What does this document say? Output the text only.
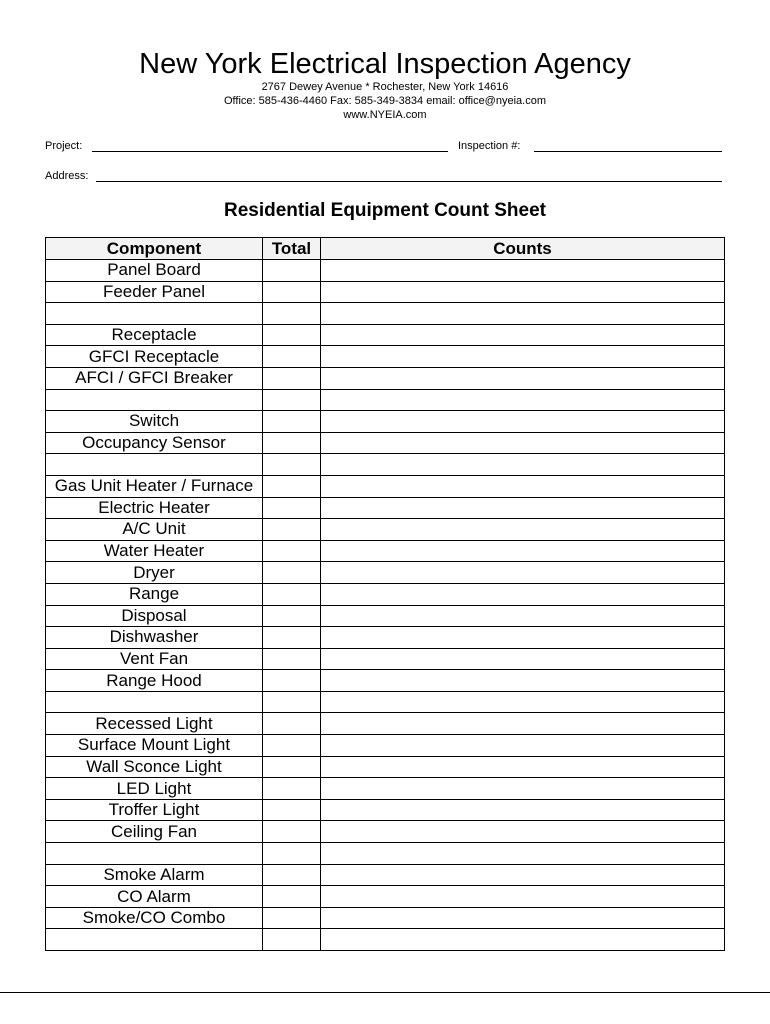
New York Electrical Inspection Agency
2767 Dewey Avenue * Rochester, New York 14616
Office: 585-436-4460 Fax: 585-349-3834 email: office@nyeia.com
www.NYEIA.com
Project:	Inspection #:
Address:
Residential Equipment Count Sheet
Component	Total	Counts
Panel Board		
Feeder Panel		

Receptacle		
GFCI Receptacle		
AFCI / GFCI Breaker		

Switch		
Occupancy Sensor		

Gas Unit Heater / Furnace		
Electric Heater		
A/C Unit		
Water Heater		
Dryer		
Range		
Disposal		
Dishwasher		
Vent Fan		
Range Hood		

Recessed Light		
Surface Mount Light		
Wall Sconce Light		
LED Light		
Troffer Light		
Ceiling Fan		

Smoke Alarm		
CO Alarm		
Smoke/CO Combo		
